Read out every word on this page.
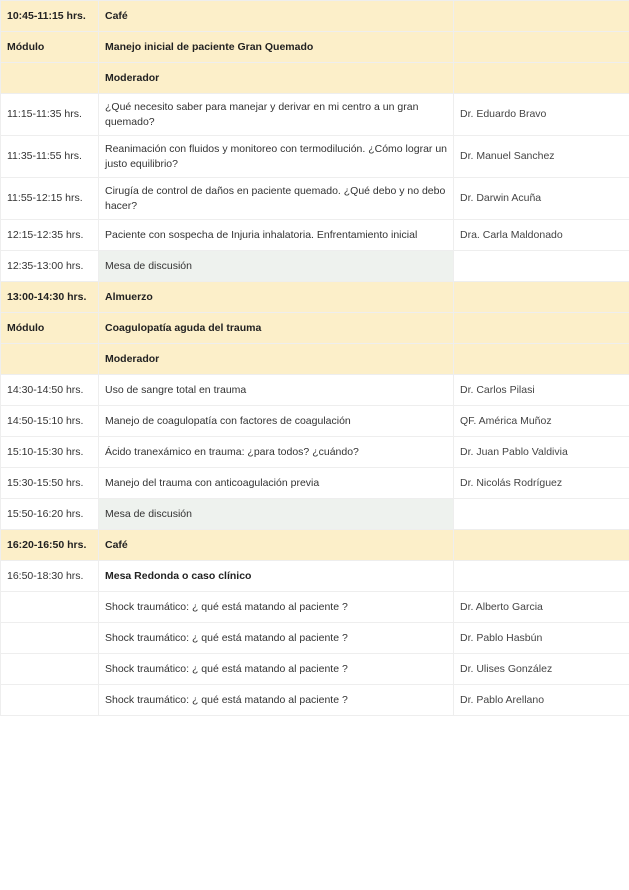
10:45-11:15 hrs.	Café	
Módulo	Manejo inicial de paciente Gran Quemado	
	Moderador	
11:15-11:35 hrs.	¿Qué necesito saber para manejar y derivar en mi centro a un gran quemado?	Dr. Eduardo Bravo
11:35-11:55 hrs.	Reanimación con fluidos y monitoreo con termodilución. ¿Cómo lograr un justo equilibrio?	Dr. Manuel Sanchez
11:55-12:15 hrs.	Cirugía de control de daños en paciente quemado. ¿Qué debo y no debo hacer?	Dr. Darwin Acuña
12:15-12:35 hrs.	Paciente con sospecha de Injuria inhalatoria. Enfrentamiento inicial	Dra. Carla Maldonado
12:35-13:00 hrs.	Mesa de discusión	
13:00-14:30 hrs.	Almuerzo	
Módulo	Coagulopatía aguda del trauma	
	Moderador	
14:30-14:50 hrs.	Uso de sangre total en trauma	Dr. Carlos Pilasi
14:50-15:10 hrs.	Manejo de coagulopatía con factores de coagulación	QF. América Muñoz
15:10-15:30 hrs.	Ácido tranexámico en trauma: ¿para todos? ¿cuándo?	Dr. Juan Pablo Valdivia
15:30-15:50 hrs.	Manejo del trauma con anticoagulación previa	Dr. Nicolás Rodríguez
15:50-16:20 hrs.	Mesa de discusión	
16:20-16:50 hrs.	Café	
16:50-18:30 hrs.	Mesa Redonda o caso clínico	
	Shock traumático: ¿ qué está matando al paciente ?	Dr. Alberto Garcia
	Shock traumático: ¿ qué está matando al paciente ?	Dr. Pablo Hasbún
	Shock traumático: ¿ qué está matando al paciente ?	Dr. Ulises González
	Shock traumático: ¿ qué está matando al paciente ?	Dr. Pablo Arellano
